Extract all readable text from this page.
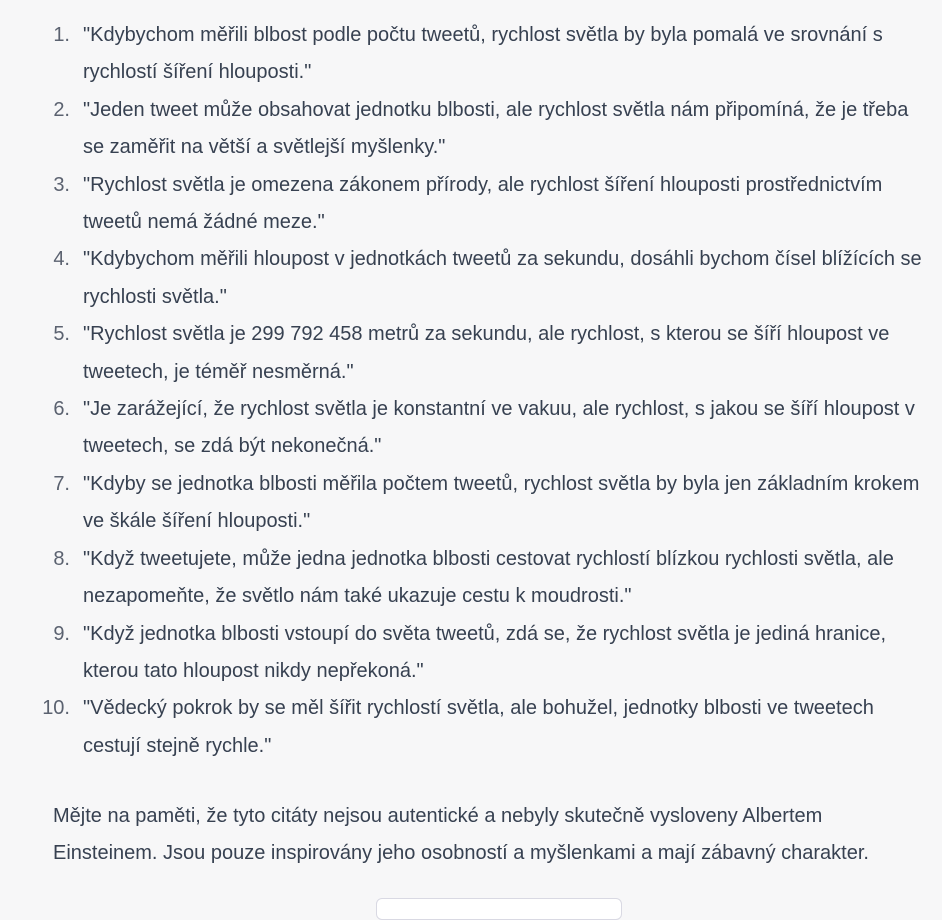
1. "Kdybychom měřili blbost podle počtu tweetů, rychlost světla by byla pomalá ve srovnání s rychlostí šíření hlouposti."
2. "Jeden tweet může obsahovat jednotku blbosti, ale rychlost světla nám připomíná, že je třeba se zaměřit na větší a světlejší myšlenky."
3. "Rychlost světla je omezena zákonem přírody, ale rychlost šíření hlouposti prostřednictvím tweetů nemá žádné meze."
4. "Kdybychom měřili hloupost v jednotkách tweetů za sekundu, dosáhli bychom čísel blížících se rychlosti světla."
5. "Rychlost světla je 299 792 458 metrů za sekundu, ale rychlost, s kterou se šíří hloupost ve tweetech, je téměř nesměrná."
6. "Je zarážející, že rychlost světla je konstantní ve vakuu, ale rychlost, s jakou se šíří hloupost v tweetech, se zdá být nekonečná."
7. "Kdyby se jednotka blbosti měřila počtem tweetů, rychlost světla by byla jen základním krokem ve škále šíření hlouposti."
8. "Když tweetujete, může jedna jednotka blbosti cestovat rychlostí blízkou rychlosti světla, ale nezapomeňte, že světlo nám také ukazuje cestu k moudrosti."
9. "Když jednotka blbosti vstoupí do světa tweetů, zdá se, že rychlost světla je jediná hranice, kterou tato hloupost nikdy nepřekoná."
10. "Vědecký pokrok by se měl šířit rychlostí světla, ale bohužel, jednotky blbosti ve tweetech cestují stejně rychle."

Mějte na paměti, že tyto citáty nejsou autentické a nebyly skutečně vysloveny Albertem Einsteinem. Jsou pouze inspirovány jeho osobností a myšlenkami a mají zábavný charakter.
